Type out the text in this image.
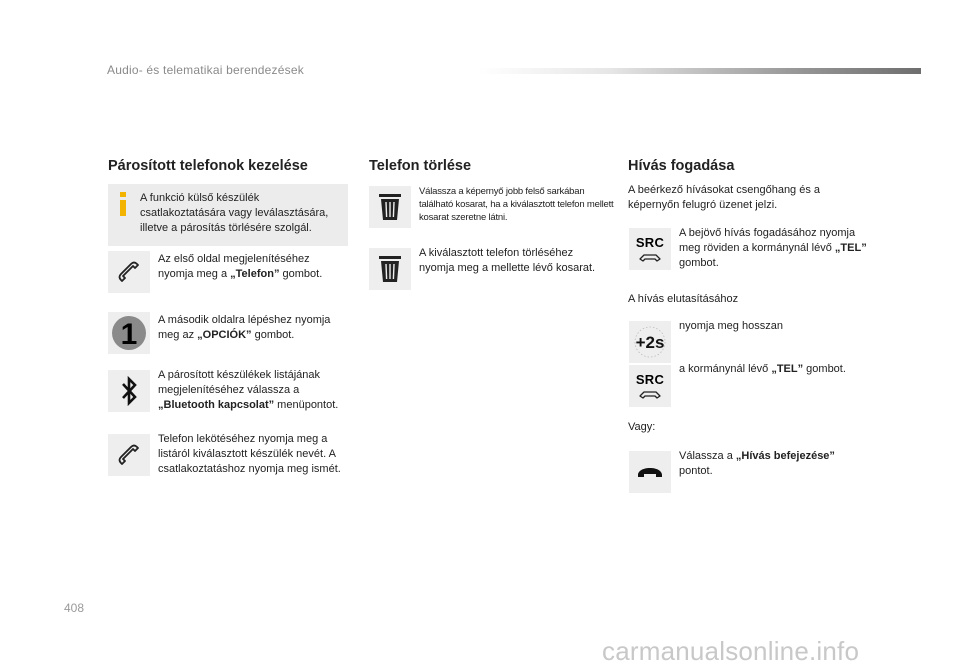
Audio- és telematikai berendezések
Párosított telefonok kezelése
A funkció külső készülék csatlakoztatására vagy leválasztására, illetve a párosítás törlésére szolgál.
Az első oldal megjelenítéséhez nyomja meg a „Telefon” gombot.
1 A második oldalra lépéshez nyomja meg az „OPCIÓK” gombot.
A párosított készülékek listájának megjelenítéséhez válassza a „Bluetooth kapcsolat” menüpontot.
Telefon lekötéséhez nyomja meg a listáról kiválasztott készülék nevét. A csatlakoztatáshoz nyomja meg ismét.
Telefon törlése
Válassza a képernyő jobb felső sarkában található kosarat, ha a kiválasztott telefon mellett kosarat szeretne látni.
A kiválasztott telefon törléséhez nyomja meg a mellette lévő kosarat.
Hívás fogadása
A beérkező hívásokat csengőhang és a képernyőn felugró üzenet jelzi.
SRC
A bejövő hívás fogadásához nyomja meg röviden a kormánynál lévő „TEL” gombot.
A hívás elutasításához
+2s
nyomja meg hosszan
SRC
a kormánynál lévő „TEL” gombot.
Vagy:
Válassza a „Hívás befejezése” pontot.
408
carmanualsonline.info
